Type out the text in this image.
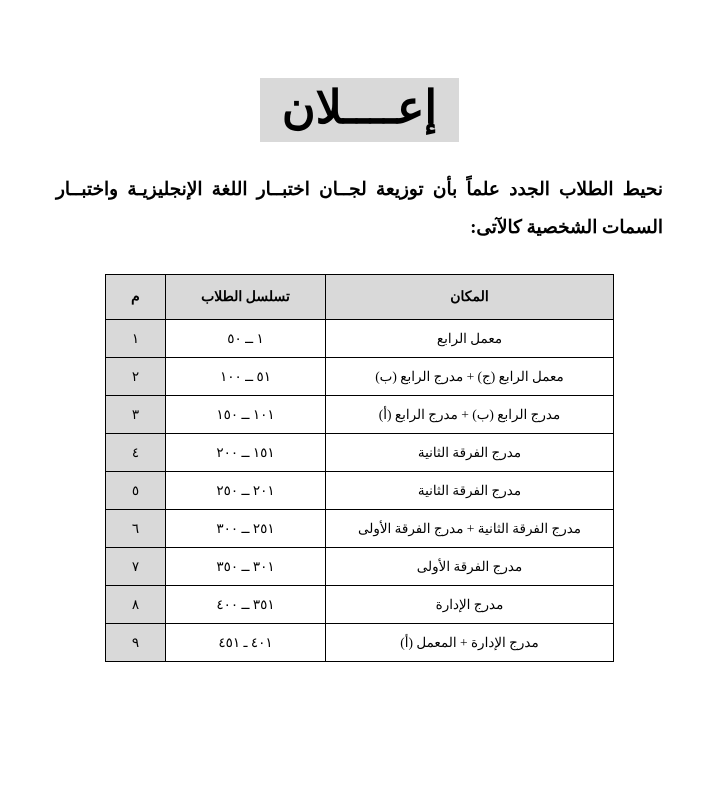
إعــــلان
نحيط الطلاب الجدد علماً بأن توزيعة لجــان اختبــار اللغة الإنجليزيـة واختبــار
السمات الشخصية كالآتى:
المكان	تسلسل الطلاب	م
معمل الرابع	١ ــ ٥٠	١
معمل الرابع (ج) + مدرج الرابع (ب)	٥١ ــ ١٠٠	٢
مدرج الرابع (ب) + مدرج الرابع (أ)	١٠١ ــ ١٥٠	٣
مدرج الفرقة الثانية	١٥١ ــ ٢٠٠	٤
مدرج الفرقة الثانية	٢٠١ ــ ٢٥٠	٥
مدرج الفرقة الثانية + مدرج الفرقة الأولى	٢٥١ ــ ٣٠٠	٦
مدرج الفرقة الأولى	٣٠١ ــ ٣٥٠	٧
مدرج الإدارة	٣٥١ ــ ٤٠٠	٨
مدرج الإدارة + المعمل (أ)	٤٠١ ـ ٤٥١	٩
